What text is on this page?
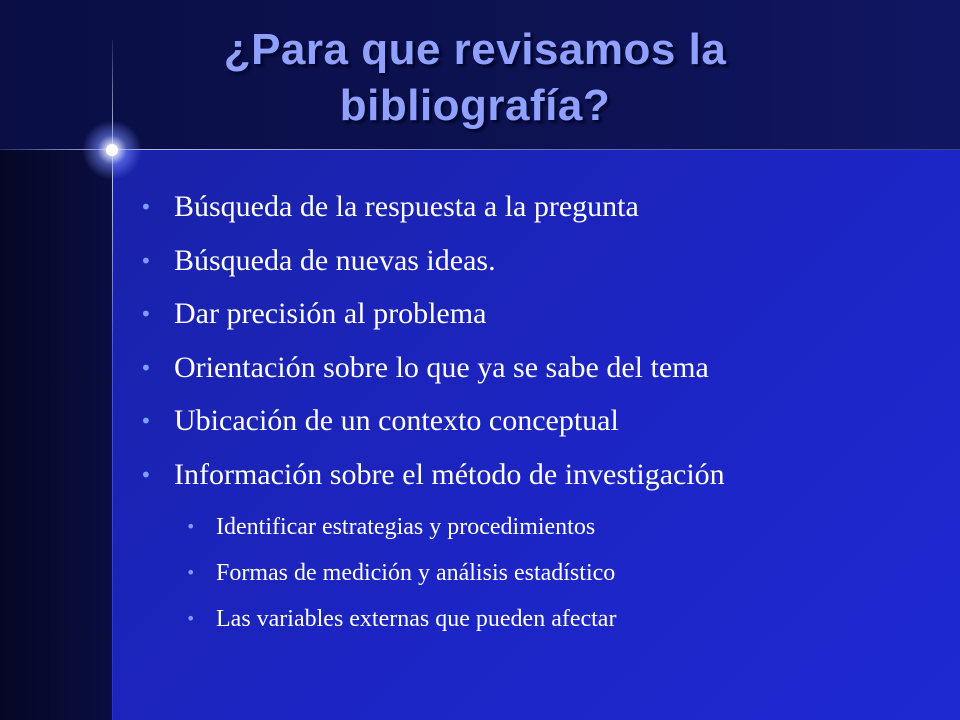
¿Para que revisamos la bibliografía?
• Búsqueda de la respuesta a la pregunta
• Búsqueda de nuevas ideas.
• Dar precisión al problema
• Orientación sobre lo que ya se sabe del tema
• Ubicación de un contexto conceptual
• Información sobre el método de investigación
• Identificar estrategias y procedimientos
• Formas de medición y análisis estadístico
• Las variables externas que pueden afectar
